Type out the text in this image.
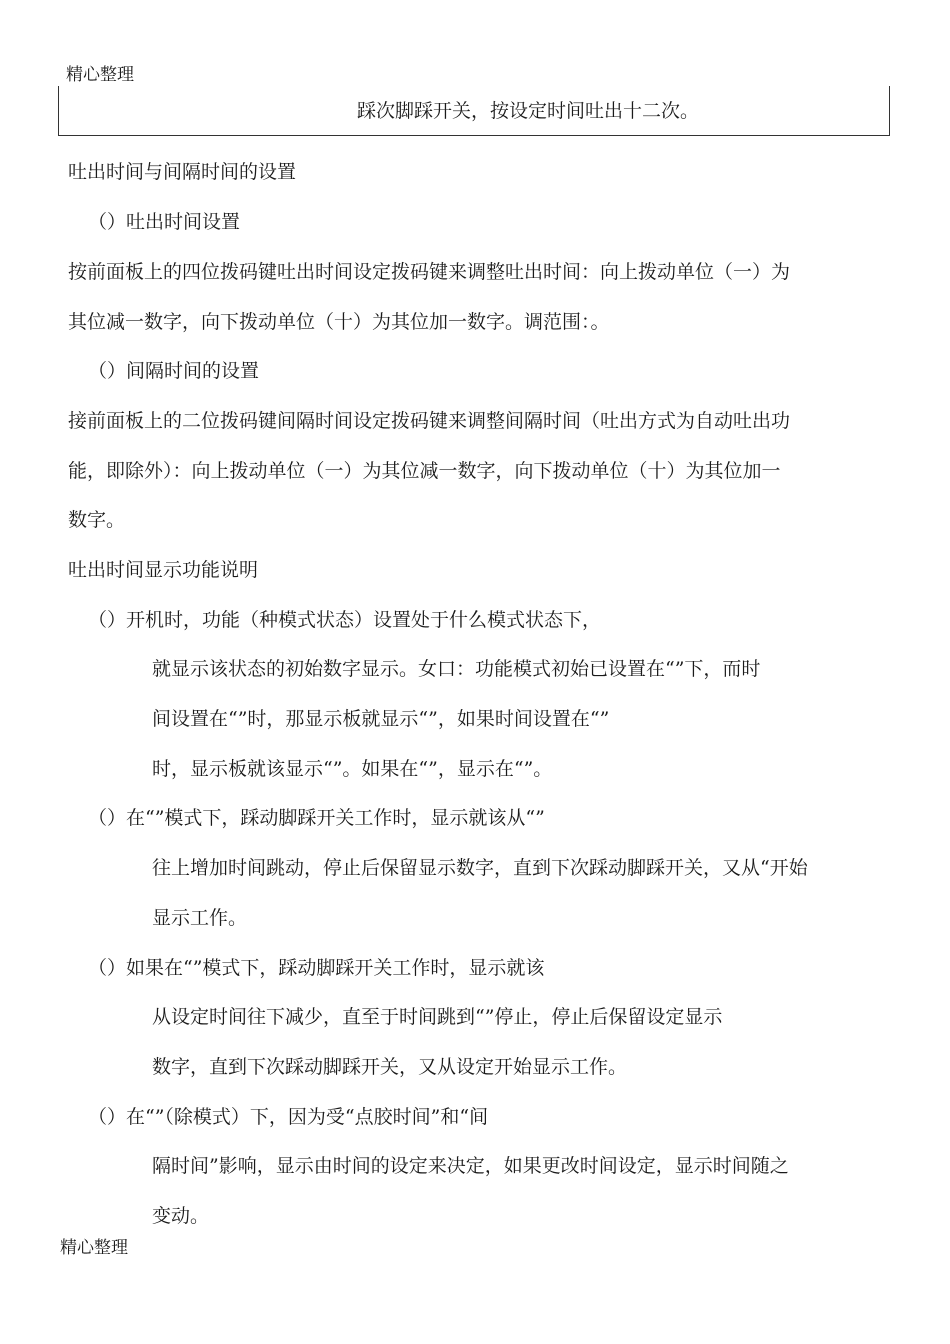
精心整理
踩次脚踩开关，按设定时间吐出十二次。
吐出时间与间隔时间的设置
（）吐出时间设置
按前面板上的四位拨码键吐出时间设定拨码键来调整吐出时间：向上拨动单位（一）为
其位减一数字，向下拨动单位（十）为其位加一数字。调范围：。
（）间隔时间的设置
接前面板上的二位拨码键间隔时间设定拨码键来调整间隔时间（吐出方式为自动吐出功
能，即除外）：向上拨动单位（一）为其位减一数字，向下拨动单位（十）为其位加一
数字。
吐出时间显示功能说明
（）开机时，功能（种模式状态）设置处于什么模式状态下，
就显示该状态的初始数字显示。女口：功能模式初始已设置在“”下，而时
间设置在“”时，那显示板就显示“”，如果时间设置在“”
时，显示板就该显示“”。如果在“”，显示在“”。
（）在“”模式下，踩动脚踩开关工作时，显示就该从“”
往上增加时间跳动，停止后保留显示数字，直到下次踩动脚踩开关，又从“开始
显示工作。
（）如果在“”模式下，踩动脚踩开关工作时，显示就该
从设定时间往下减少，直至于时间跳到“”停止，停止后保留设定显示
数字，直到下次踩动脚踩开关，又从设定开始显示工作。
（）在“”（除模式）下，因为受“点胶时间”和“间
隔时间”影响，显示由时间的设定来决定，如果更改时间设定，显示时间随之
变动。
精心整理
